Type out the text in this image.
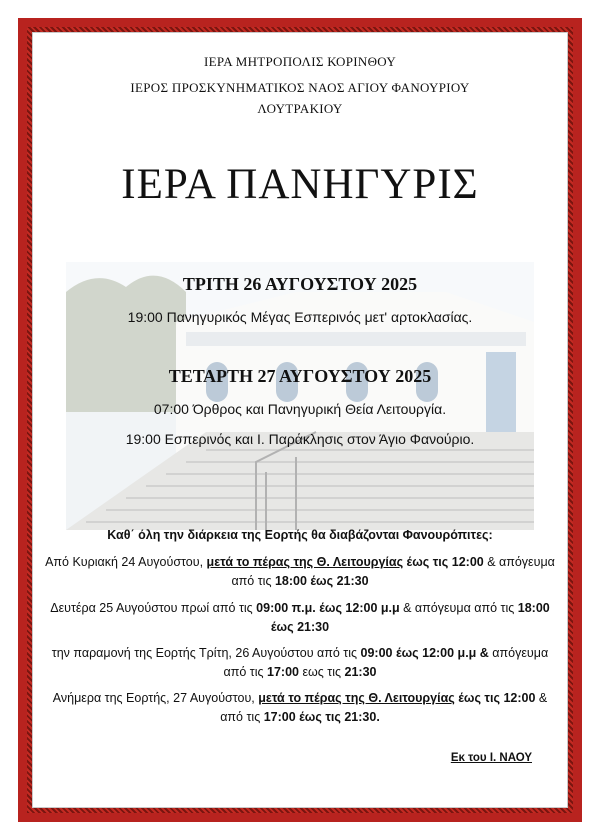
ΙΕΡΑ ΜΗΤΡΟΠΟΛΙΣ ΚΟΡΙΝΘΟΥ
ΙΕΡΟΣ ΠΡΟΣΚΥΝΗΜΑΤΙΚΟΣ ΝΑΟΣ ΑΓΙΟΥ ΦΑΝΟΥΡΙΟΥ
ΛΟΥΤΡΑΚΙΟΥ
ΙΕΡΑ ΠΑΝΗΓΥΡΙΣ
ΤΡΙΤΗ 26 ΑΥΓΟΥΣΤΟΥ 2025
19:00 Πανηγυρικός Μέγας Εσπερινός μετ' αρτοκλασίας.
ΤΕΤΑΡΤΗ 27 ΑΥΓΟΥΣΤΟΥ 2025
07:00 Όρθρος και Πανηγυρική Θεία Λειτουργία.
19:00 Εσπερινός και Ι. Παράκλησις στον Άγιο Φανούριο.
Καθ΄ όλη την διάρκεια της Εορτής θα διαβάζονται Φανουρόπιτες:
Από Κυριακή 24 Αυγούστου, μετά το πέρας της Θ. Λειτουργίας έως τις 12:00 & απόγευμα από τις 18:00 έως 21:30
Δευτέρα 25 Αυγούστου πρωί από τις 09:00 π.μ. έως 12:00 μ.μ & απόγευμα από τις 18:00 έως 21:30
την παραμονή της Εορτής Τρίτη, 26 Αυγούστου από τις 09:00 έως 12:00 μ.μ & απόγευμα από τις 17:00 εως τις 21:30
Ανήμερα της Εορτής, 27 Αυγούστου, μετά το πέρας της Θ. Λειτουργίας έως τις 12:00 & από τις 17:00 έως τις 21:30.
Εκ του Ι. ΝΑΟΥ
